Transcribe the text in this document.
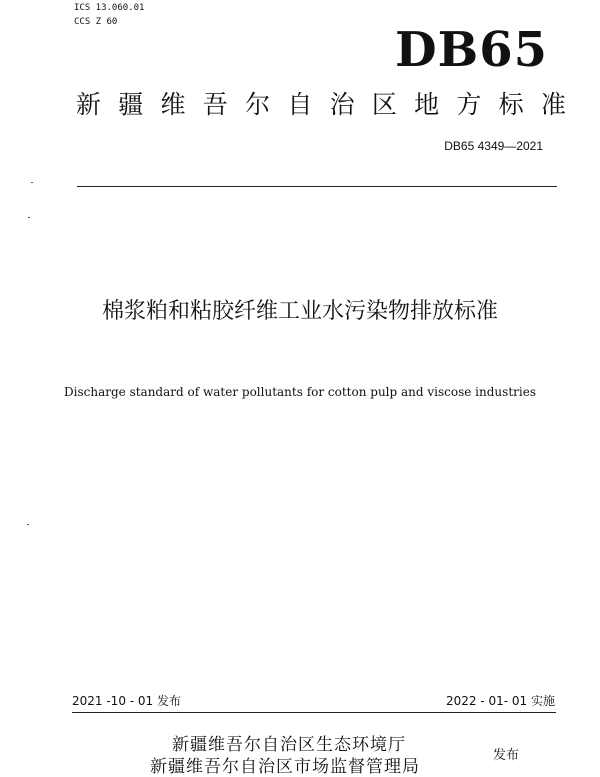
ICS 13.060.01
CCS Z 60	DB65
新 疆 维 吾 尔 自 治 区 地 方 标 准
DB65 4349—2021
棉浆粕和粘胶纤维工业水污染物排放标准
Discharge standard of water pollutants for cotton pulp and viscose industries
2021 -10 - 01 发布	2022 - 01- 01 实施
新疆维吾尔自治区生态环境厅
新疆维吾尔自治区市场监督管理局
发布
